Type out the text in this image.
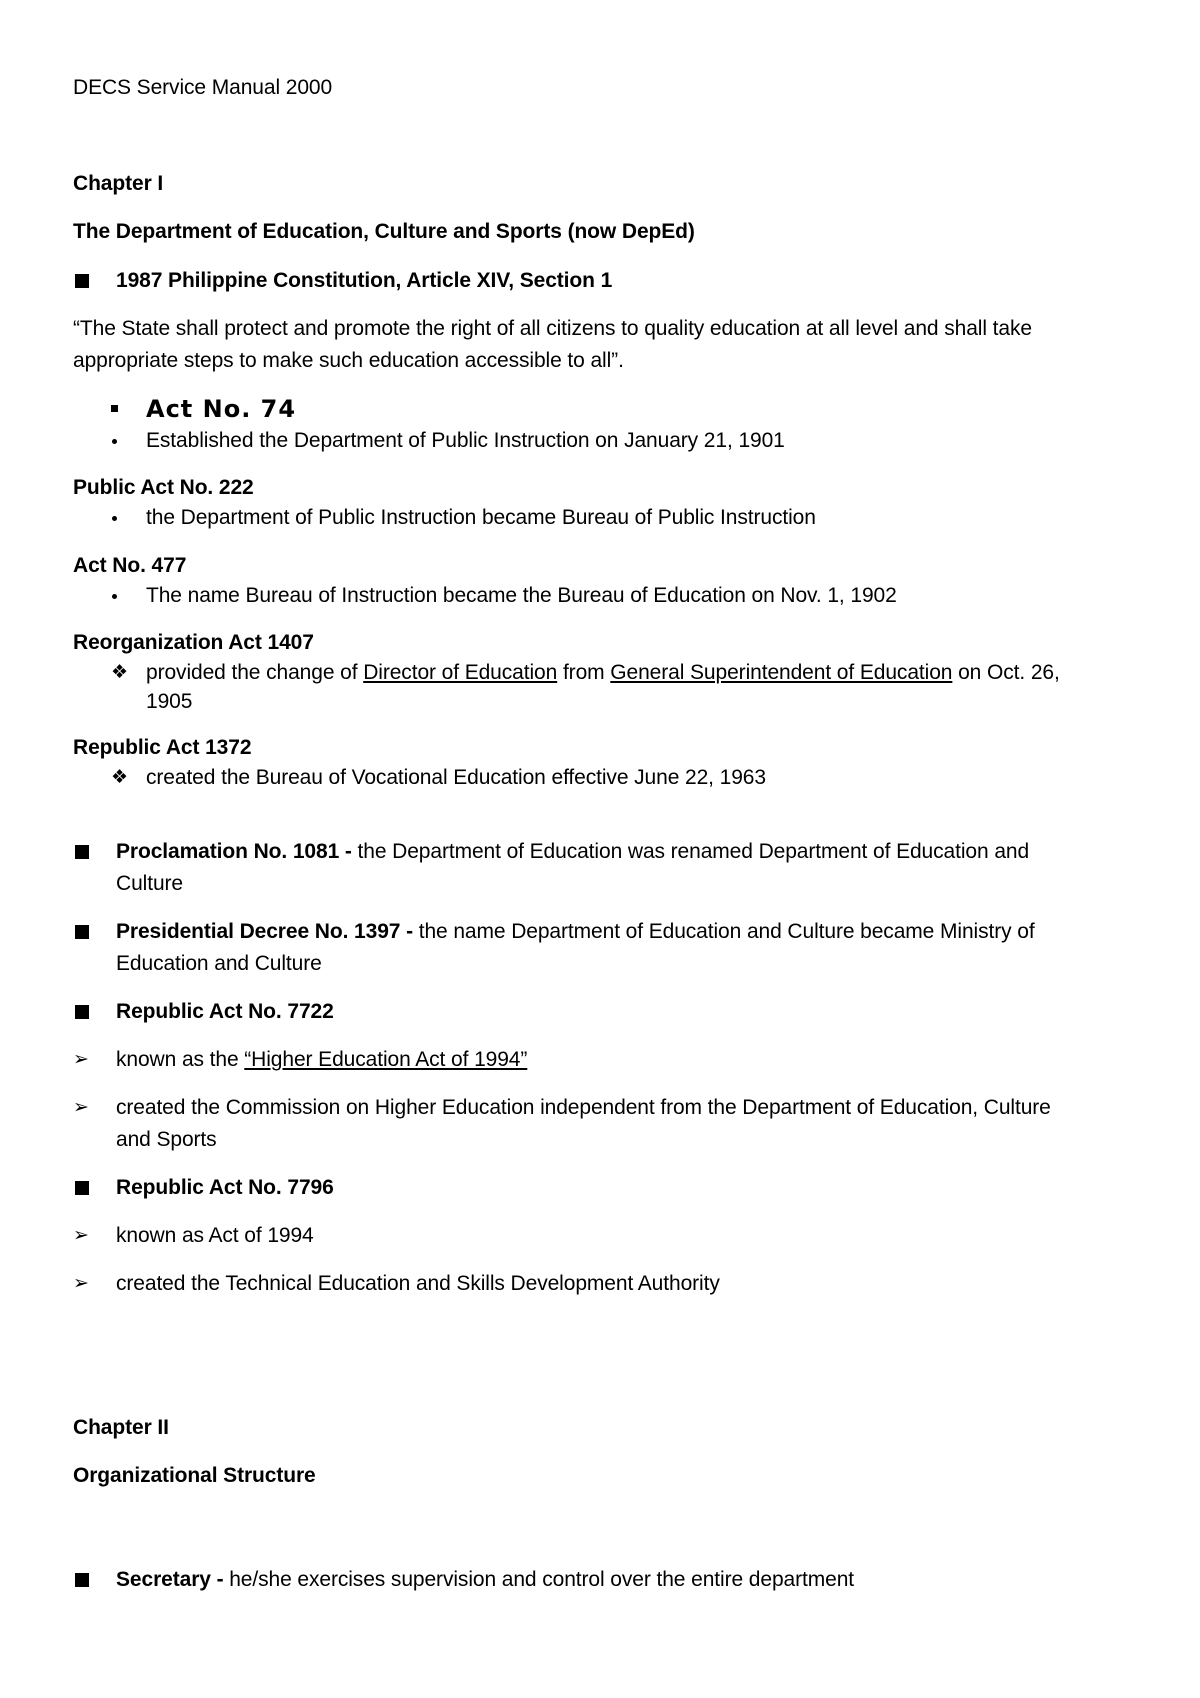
DECS Service Manual 2000
Chapter I
The Department of Education, Culture and Sports (now DepEd)
1987 Philippine Constitution, Article XIV, Section 1
“The State shall protect and promote the right of all citizens to quality education at all level and shall take
appropriate steps to make such education accessible to all”.
Act No. 74
Established the Department of Public Instruction on January 21, 1901
Public Act No. 222
the Department of Public Instruction became Bureau of Public Instruction
Act No. 477
The name Bureau of Instruction became the Bureau of Education on Nov. 1, 1902
Reorganization Act 1407
❖ provided the change of Director of Education from General Superintendent of Education on Oct. 26,
1905
Republic Act 1372
❖ created the Bureau of Vocational Education effective June 22, 1963
Proclamation No. 1081 - the Department of Education was renamed Department of Education and
Culture
Presidential Decree No. 1397 - the name Department of Education and Culture became Ministry of
Education and Culture
Republic Act No. 7722
➢ known as the “Higher Education Act of 1994”
➢ created the Commission on Higher Education independent from the Department of Education, Culture
and Sports
Republic Act No. 7796
➢ known as Act of 1994
➢ created the Technical Education and Skills Development Authority
Chapter II
Organizational Structure
Secretary - he/she exercises supervision and control over the entire department
